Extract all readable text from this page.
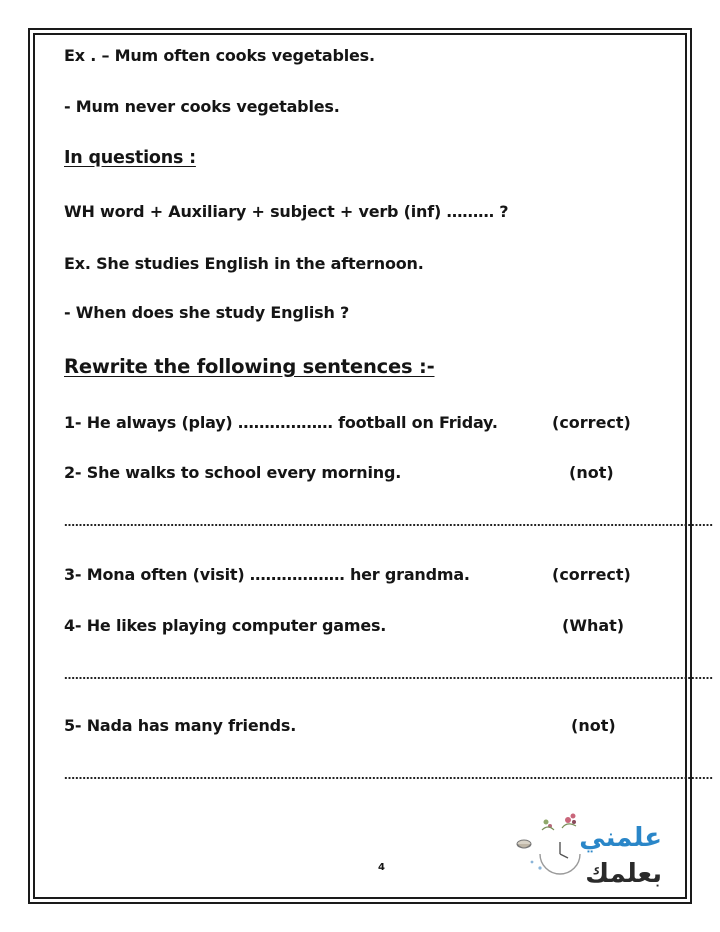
Ex . – Mum often cooks vegetables.
- Mum never cooks vegetables.
In questions :
WH word + Auxiliary + subject + verb (inf) ……… ?
Ex. She studies English in the afternoon.
- When does she study English ?
Rewrite the following sentences :-
1- He always (play) ……………… football on Friday.	(correct)
2- She walks to school every morning.	(not)
……………………………………………………………………………………………………………………………………………………………
3- Mona often (visit) ……………… her grandma.	(correct)
4- He likes playing computer games.	(What)
……………………………………………………………………………………………………………………………………………………………
5- Nada has many friends.	(not)
……………………………………………………………………………………………………………………………………………………………
4
علمني
بعلمك
